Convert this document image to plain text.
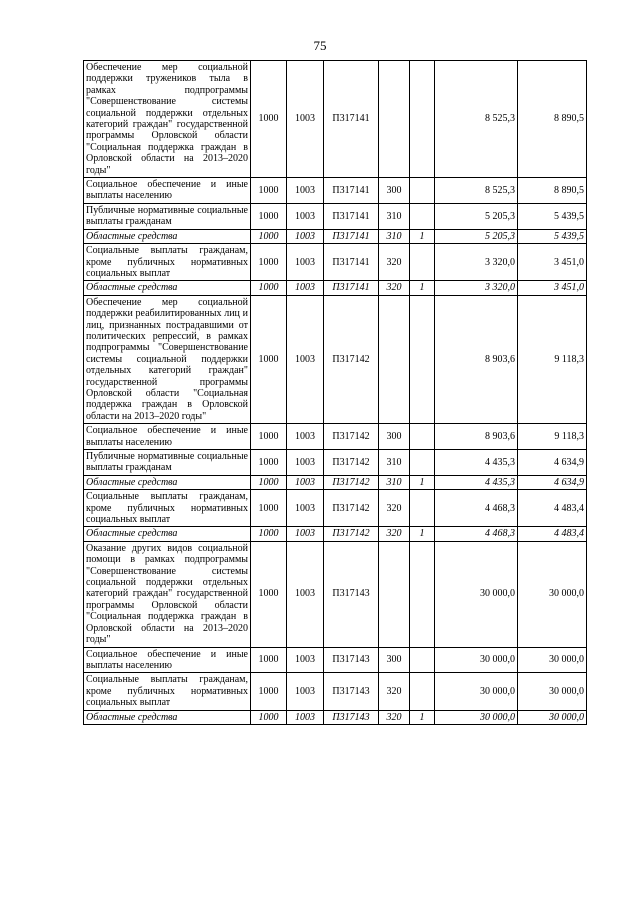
75
Обеспечение мер социальной поддержки тружеников тыла в рамках подпрограммы "Совершенствование системы социальной поддержки отдельных категорий граждан" государственной программы Орловской области "Социальная поддержка граждан в Орловской области на 2013–2020 годы"	1000	1003	П317141			8 525,3	8 890,5
Социальное обеспечение и иные выплаты населению	1000	1003	П317141	300		8 525,3	8 890,5
Публичные нормативные социальные выплаты гражданам	1000	1003	П317141	310		5 205,3	5 439,5
Областные средства	1000	1003	П317141	310	1	5 205,3	5 439,5
Социальные выплаты гражданам, кроме публичных нормативных социальных выплат	1000	1003	П317141	320		3 320,0	3 451,0
Областные средства	1000	1003	П317141	320	1	3 320,0	3 451,0
Обеспечение мер социальной поддержки реабилитированных лиц и лиц, признанных пострадавшими от политических репрессий, в рамках подпрограммы "Совершенствование системы социальной поддержки отдельных категорий граждан" государственной программы Орловской области "Социальная поддержка граждан в Орловской области на 2013–2020 годы"	1000	1003	П317142			8 903,6	9 118,3
Социальное обеспечение и иные выплаты населению	1000	1003	П317142	300		8 903,6	9 118,3
Публичные нормативные социальные выплаты гражданам	1000	1003	П317142	310		4 435,3	4 634,9
Областные средства	1000	1003	П317142	310	1	4 435,3	4 634,9
Социальные выплаты гражданам, кроме публичных нормативных социальных выплат	1000	1003	П317142	320		4 468,3	4 483,4
Областные средства	1000	1003	П317142	320	1	4 468,3	4 483,4
Оказание других видов социальной помощи в рамках подпрограммы "Совершенствование системы социальной поддержки отдельных категорий граждан" государственной программы Орловской области "Социальная поддержка граждан в Орловской области на 2013–2020 годы"	1000	1003	П317143			30 000,0	30 000,0
Социальное обеспечение и иные выплаты населению	1000	1003	П317143	300		30 000,0	30 000,0
Социальные выплаты гражданам, кроме публичных нормативных социальных выплат	1000	1003	П317143	320		30 000,0	30 000,0
Областные средства	1000	1003	П317143	320	1	30 000,0	30 000,0
